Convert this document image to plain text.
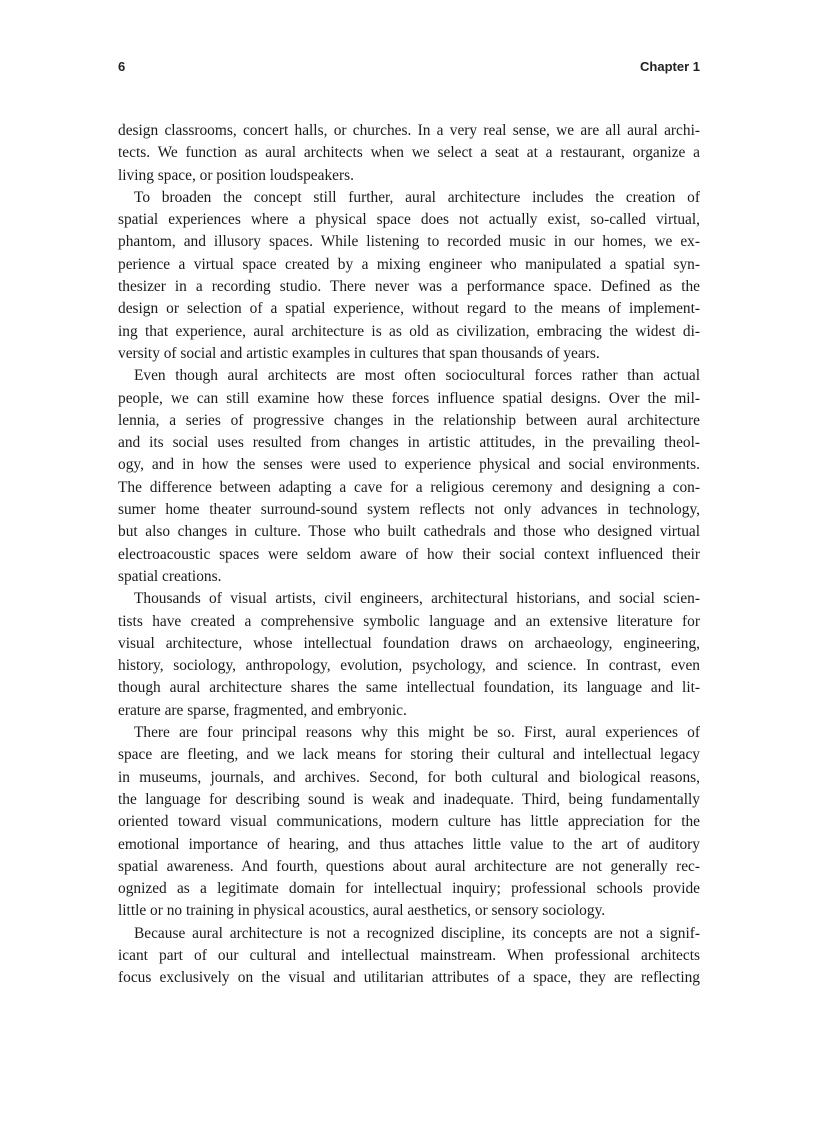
6	Chapter 1

design classrooms, concert halls, or churches. In a very real sense, we are all aural archi-
tects. We function as aural architects when we select a seat at a restaurant, organize a
living space, or position loudspeakers.

To broaden the concept still further, aural architecture includes the creation of
spatial experiences where a physical space does not actually exist, so-called virtual,
phantom, and illusory spaces. While listening to recorded music in our homes, we ex-
perience a virtual space created by a mixing engineer who manipulated a spatial syn-
thesizer in a recording studio. There never was a performance space. Defined as the
design or selection of a spatial experience, without regard to the means of implement-
ing that experience, aural architecture is as old as civilization, embracing the widest di-
versity of social and artistic examples in cultures that span thousands of years.

Even though aural architects are most often sociocultural forces rather than actual
people, we can still examine how these forces influence spatial designs. Over the mil-
lennia, a series of progressive changes in the relationship between aural architecture
and its social uses resulted from changes in artistic attitudes, in the prevailing theol-
ogy, and in how the senses were used to experience physical and social environments.
The difference between adapting a cave for a religious ceremony and designing a con-
sumer home theater surround-sound system reflects not only advances in technology,
but also changes in culture. Those who built cathedrals and those who designed virtual
electroacoustic spaces were seldom aware of how their social context influenced their
spatial creations.

Thousands of visual artists, civil engineers, architectural historians, and social scien-
tists have created a comprehensive symbolic language and an extensive literature for
visual architecture, whose intellectual foundation draws on archaeology, engineering,
history, sociology, anthropology, evolution, psychology, and science. In contrast, even
though aural architecture shares the same intellectual foundation, its language and lit-
erature are sparse, fragmented, and embryonic.

There are four principal reasons why this might be so. First, aural experiences of
space are fleeting, and we lack means for storing their cultural and intellectual legacy
in museums, journals, and archives. Second, for both cultural and biological reasons,
the language for describing sound is weak and inadequate. Third, being fundamentally
oriented toward visual communications, modern culture has little appreciation for the
emotional importance of hearing, and thus attaches little value to the art of auditory
spatial awareness. And fourth, questions about aural architecture are not generally rec-
ognized as a legitimate domain for intellectual inquiry; professional schools provide
little or no training in physical acoustics, aural aesthetics, or sensory sociology.

Because aural architecture is not a recognized discipline, its concepts are not a signif-
icant part of our cultural and intellectual mainstream. When professional architects
focus exclusively on the visual and utilitarian attributes of a space, they are reflecting
